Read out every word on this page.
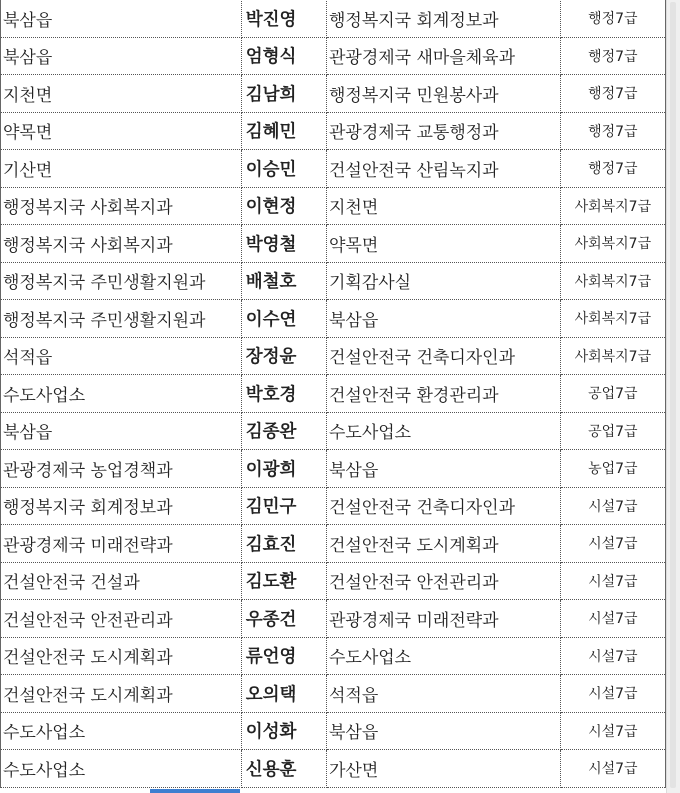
북삼읍	박진영	행정복지국 회계정보과	행정7급
북삼읍	엄형식	관광경제국 새마을체육과	행정7급
지천면	김남희	행정복지국 민원봉사과	행정7급
약목면	김혜민	관광경제국 교통행정과	행정7급
기산면	이승민	건설안전국 산림녹지과	행정7급
행정복지국 사회복지과	이현정	지천면	사회복지7급
행정복지국 사회복지과	박영철	약목면	사회복지7급
행정복지국 주민생활지원과	배철호	기획감사실	사회복지7급
행정복지국 주민생활지원과	이수연	북삼읍	사회복지7급
석적읍	장정윤	건설안전국 건축디자인과	사회복지7급
수도사업소	박호경	건설안전국 환경관리과	공업7급
북삼읍	김종완	수도사업소	공업7급
관광경제국 농업경책과	이광희	북삼읍	농업7급
행정복지국 회계정보과	김민구	건설안전국 건축디자인과	시설7급
관광경제국 미래전략과	김효진	건설안전국 도시계획과	시설7급
건설안전국 건설과	김도환	건설안전국 안전관리과	시설7급
건설안전국 안전관리과	우종건	관광경제국 미래전략과	시설7급
건설안전국 도시계획과	류언영	수도사업소	시설7급
건설안전국 도시계획과	오의택	석적읍	시설7급
수도사업소	이성화	북삼읍	시설7급
수도사업소	신용훈	가산면	시설7급
